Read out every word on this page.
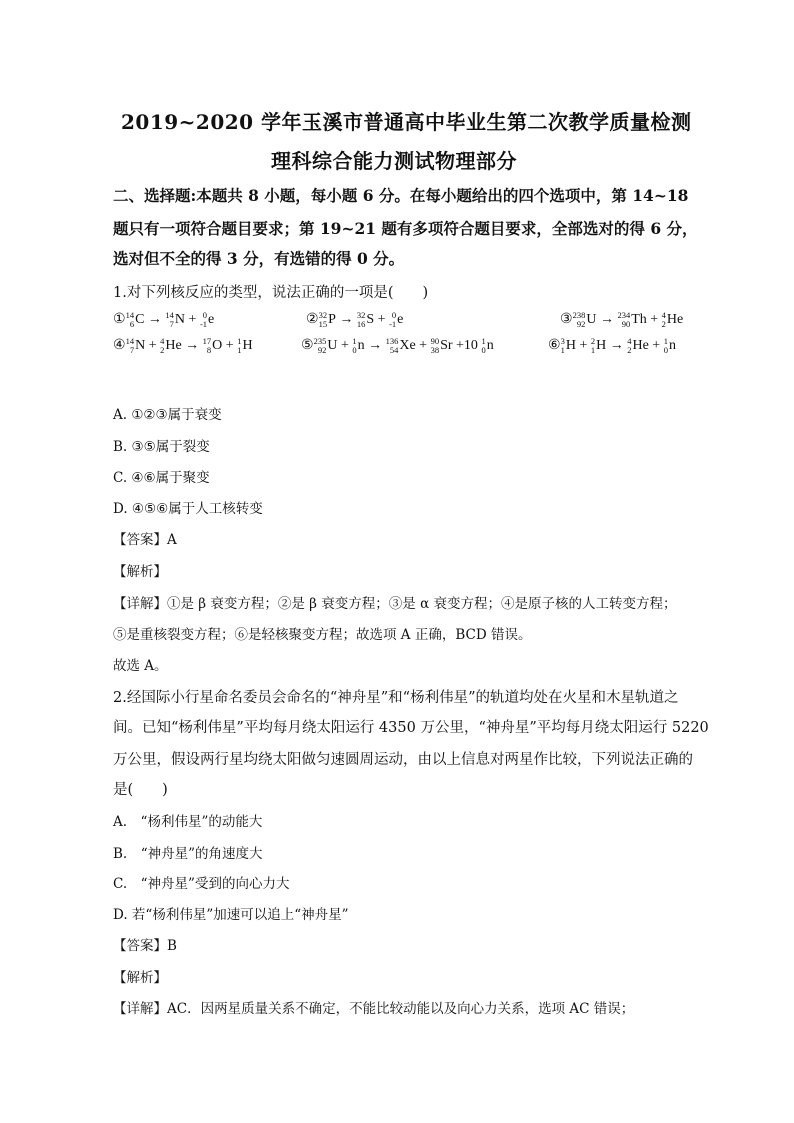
2019~2020 学年玉溪市普通高中毕业生第二次教学质量检测
理科综合能力测试物理部分
二、选择题:本题共 8 小题，每小题 6 分。在每小题给出的四个选项中，第 14~18
题只有一项符合题目要求；第 19~21 题有多项符合题目要求，全部选对的得 6 分，
选对但不全的得 3 分，有选错的得 0 分。
1.对下列核反应的类型，说法正确的一项是(　　)
① 14
6 C → 14
7 N + 0
-1 e	② 32
15 P → 32
16 S + 0
-1 e	③ 238
92 U → 234
90 Th + 4
2 He
④ 14
7 N + 4
2 He → 17
8 O + 1
1 H	⑤ 235
92 U + 1
0 n → 136
54 Xe + 90
38 Sr +10 1
0 n	⑥ 3
1 H + 2
1 H → 4
2 He + 1
0 n
A. ①②③属于衰变
B. ③⑤属于裂变
C. ④⑥属于聚变
D. ④⑤⑥属于人工核转变
【答案】A
【解析】
【详解】①是 β 衰变方程；②是 β 衰变方程；③是 α 衰变方程；④是原子核的人工转变方程；
⑤是重核裂变方程；⑥是轻核聚变方程；故选项 A 正确，BCD 错误。
故选 A。
2.经国际小行星命名委员会命名的“神舟星”和“杨利伟星”的轨道均处在火星和木星轨道之
间。已知“杨利伟星”平均每月绕太阳运行 4350 万公里，“神舟星”平均每月绕太阳运行 5220
万公里，假设两行星均绕太阳做匀速圆周运动，由以上信息对两星作比较，下列说法正确的
是(　　)
A.　“杨利伟星”的动能大
B.　“神舟星”的角速度大
C.　“神舟星”受到的向心力大
D. 若“杨利伟星”加速可以追上“神舟星”
【答案】B
【解析】
【详解】AC．因两星质量关系不确定，不能比较动能以及向心力关系，选项 AC 错误；
